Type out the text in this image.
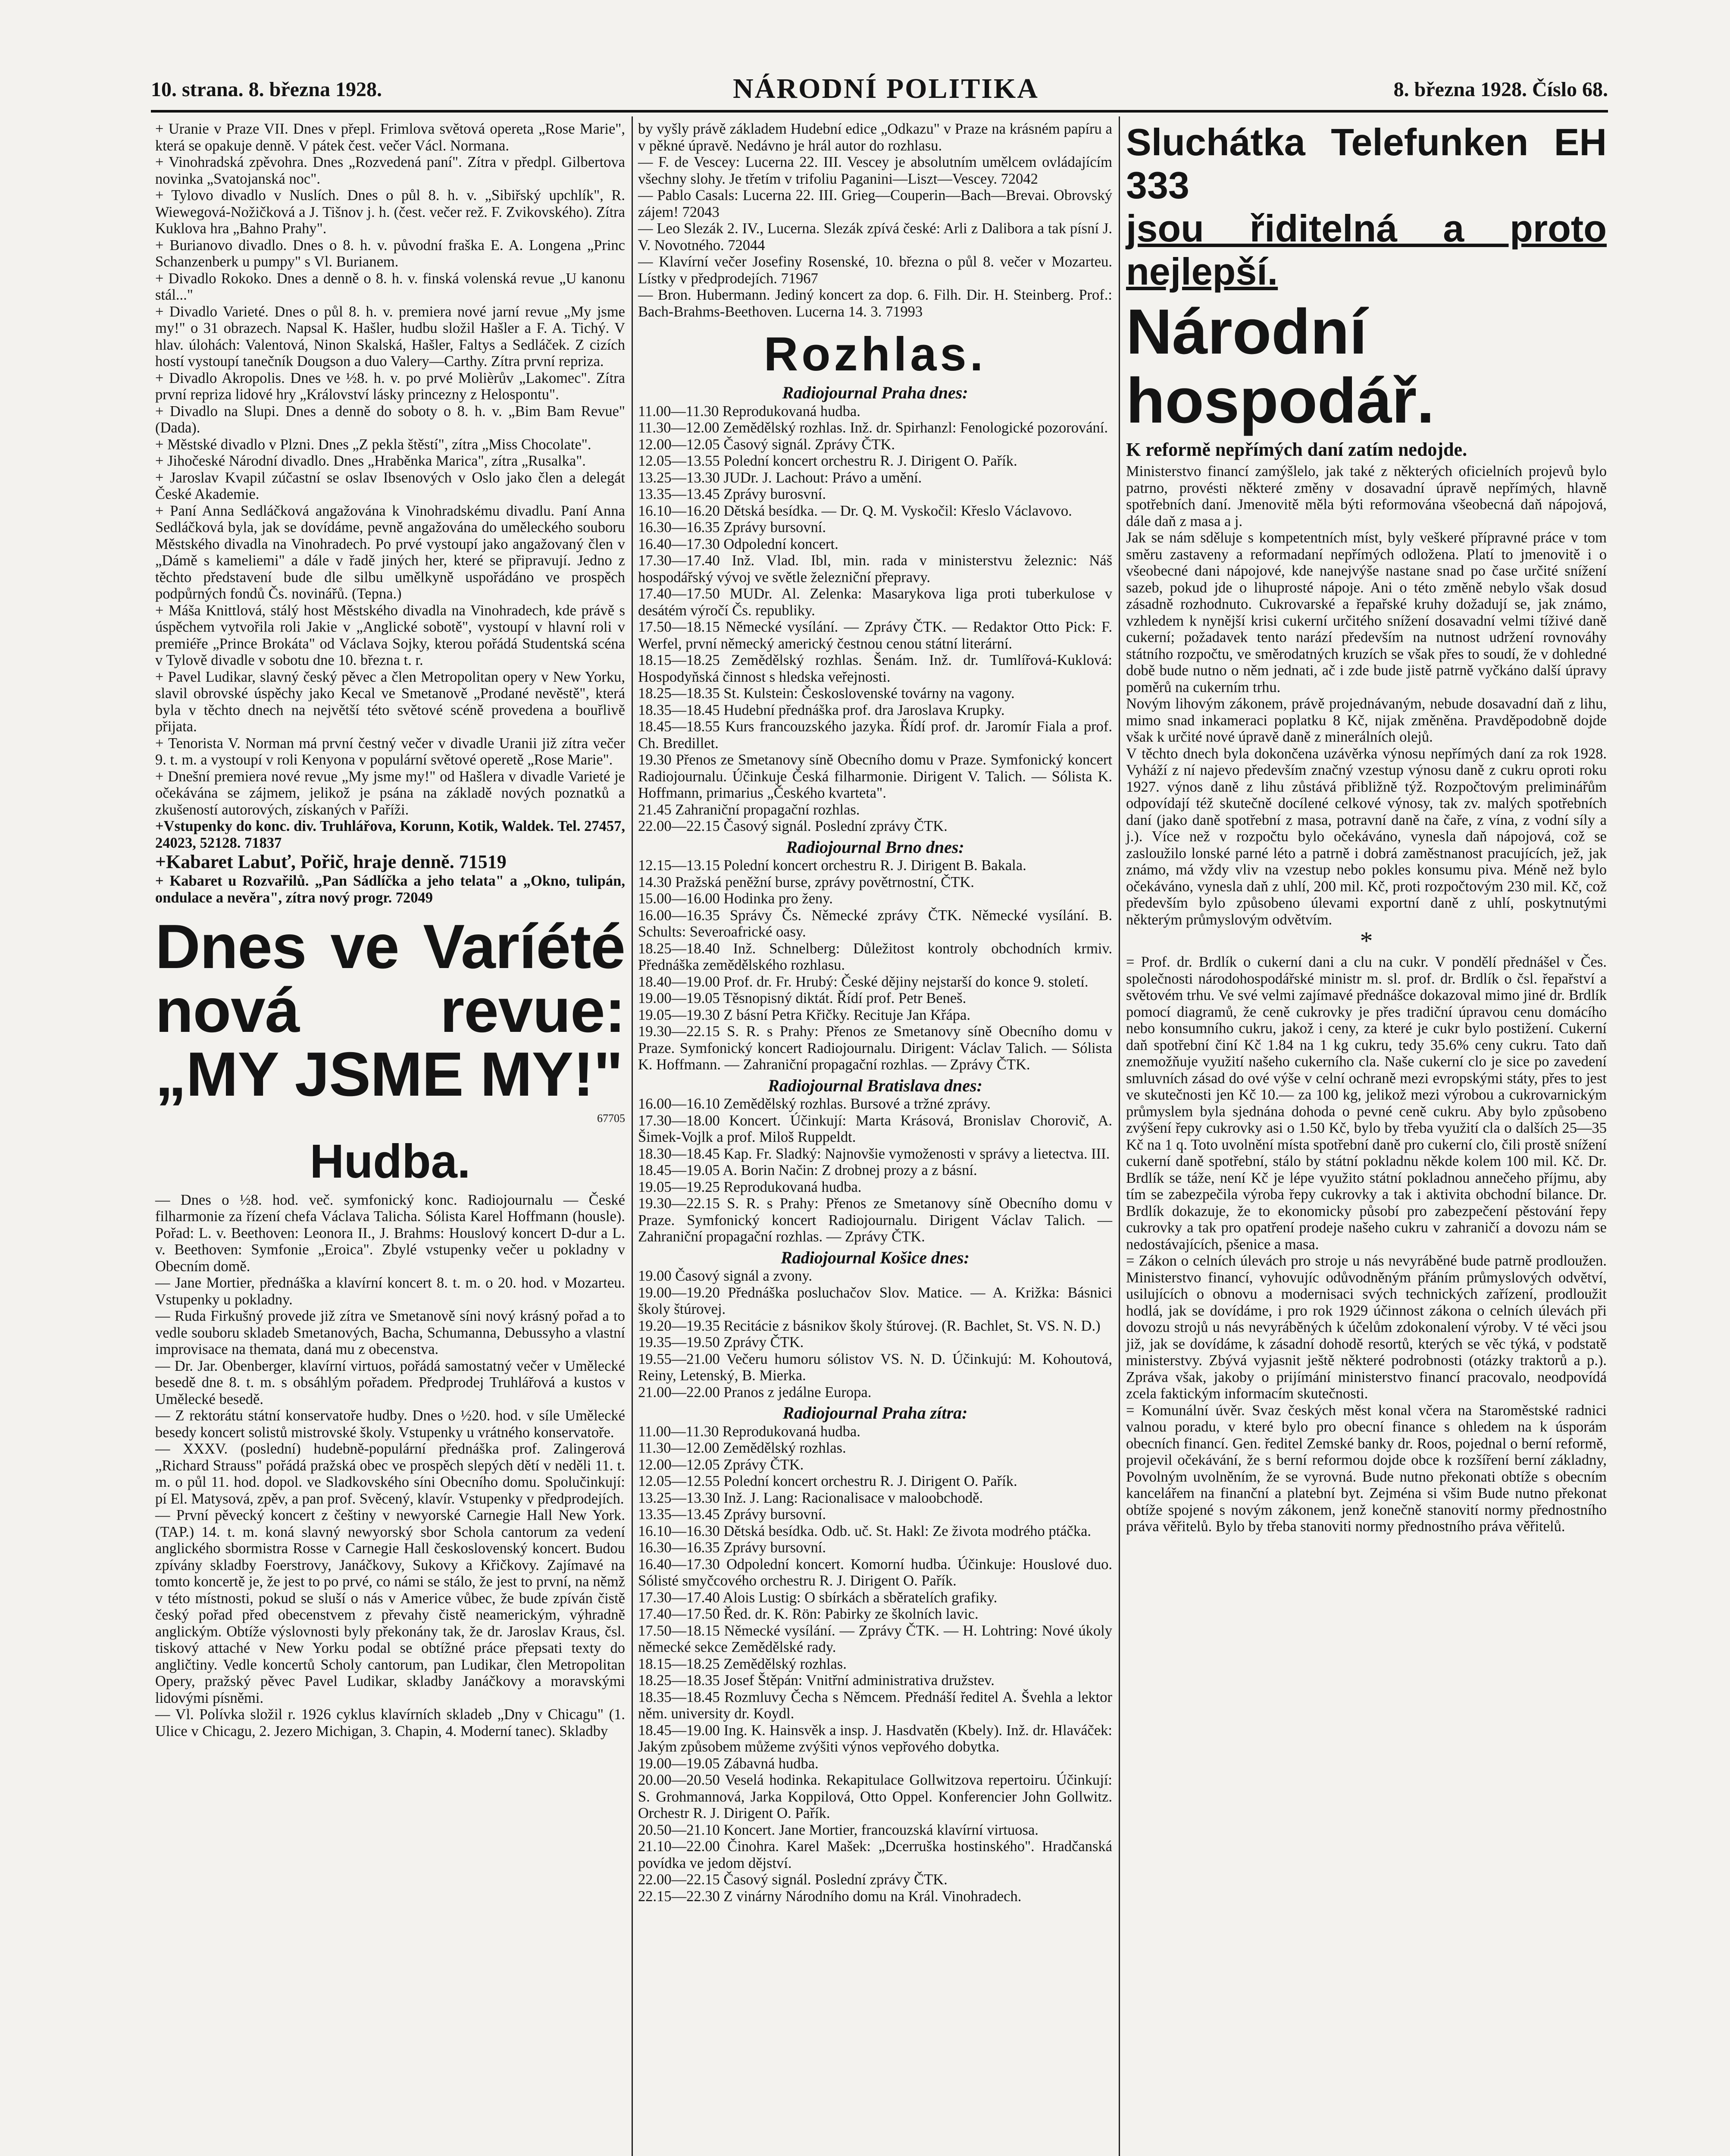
10. strana. 8. března 1928.	NÁRODNÍ POLITIKA	8. března 1928. Číslo 68.

+ Uranie v Praze VII. Dnes v přepl. Frimlova světová opereta „Rose Marie", která se opakuje denně. V pátek čest. večer Václ. Normana.

+ Vinohradská zpěvohra. Dnes „Rozvedená paní". Zítra v předpl. Gilbertova novinka „Svatojanská noc".

+ Tylovo divadlo v Nuslích. Dnes o půl 8. h. v. „Sibiřský upchlík", R. Wiewegová-Nožičková a J. Tišnov j. h. (čest. večer rež. F. Zvikovského). Zítra Kuklova hra „Bahno Prahy".

+ Burianovo divadlo. Dnes o 8. h. v. původní fraška E. A. Longena „Princ Schanzenberk u pumpy" s Vl. Burianem.

+ Divadlo Rokoko. Dnes a denně o 8. h. v. finská volenská revue „U kanonu stál..."

+ Divadlo Varieté. Dnes o půl 8. h. v. premiera nové jarní revue „My jsme my!" o 31 obrazech. Napsal K. Hašler, hudbu složil Hašler a F. A. Tichý. V hlav. úlohách: Valentová, Ninon Skalská, Hašler, Faltys a Sedláček. Z cizích hostí vystoupí tanečník Dougson a duo Valery—Carthy. Zítra první repriza.

+ Divadlo Akropolis. Dnes ve ½8. h. v. po prvé Molièrův „Lakomec". Zítra první repriza lidové hry „Království lásky princezny z Helospontu".

+ Divadlo na Slupi. Dnes a denně do soboty o 8. h. v. „Bim Bam Revue" (Dada).

+ Městské divadlo v Plzni. Dnes „Z pekla štěstí", zítra „Miss Chocolate".

+ Jihočeské Národní divadlo. Dnes „Hraběnka Marica", zítra „Rusalka".

+ Jaroslav Kvapil zúčastní se oslav Ibsenových v Oslo jako člen a delegát České Akademie.

+ Paní Anna Sedláčková angažována k Vinohradskému divadlu. Paní Anna Sedláčková byla, jak se dovídáme, pevně angažována do uměleckého souboru Městského divadla na Vinohradech. Po prvé vystoupí jako angažovaný člen v „Dámě s kameliemi" a dále v řadě jiných her, které se připravují. Jedno z těchto představení bude dle silbu umělkyně uspořádáno ve prospěch podpůrných fondů Čs. novinářů. (Tepna.)

+ Máša Knittlová, stálý host Městského divadla na Vinohradech, kde právě s úspěchem vytvořila roli Jakie v „Anglické sobotě", vystoupí v hlavní roli v premiéře „Prince Brokáta" od Václava Sojky, kterou pořádá Studentská scéna v Tylově divadle v sobotu dne 10. března t. r.

+ Pavel Ludikar, slavný český pěvec a člen Metropolitan opery v New Yorku, slavil obrovské úspěchy jako Kecal ve Smetanově „Prodané nevěstě", která byla v těchto dnech na největší této světové scéně provedena a bouřlivě přijata.

+ Tenorista V. Norman má první čestný večer v divadle Uranii již zítra večer 9. t. m. a vystoupí v roli Kenyona v populární světové operetě „Rose Marie".

+ Dnešní premiera nové revue „My jsme my!" od Hašlera v divadle Varieté je očekávána se zájmem, jelikož je psána na základě nových poznatků a zkušeností autorových, získaných v Paříži.

+Vstupenky do konc. div. Truhlářova, Korunn, Kotik, Waldek. Tel. 27457, 24023, 52128. 71837

+Kabaret Labuť, Pořič, hraje denně. 71519

+ Kabaret u Rozvařilů. „Pan Sádlíčka a jeho telata" a „Okno, tulipán, ondulace a nevěra", zítra nový progr. 72049

Dnes ve Varíété nová revue: „MY JSME MY!"
67705
Hudba.

— Dnes o ½8. hod. več. symfonický konc. Radiojournalu — České filharmonie za řízení chefa Václava Talicha. Sólista Karel Hoffmann (housle). Pořad: L. v. Beethoven: Leonora II., J. Brahms: Houslový koncert D-dur a L. v. Beethoven: Symfonie „Eroica". Zbylé vstupenky večer u pokladny v Obecním domě.

— Jane Mortier, přednáška a klavírní koncert 8. t. m. o 20. hod. v Mozarteu. Vstupenky u pokladny.

— Ruda Firkušný provede již zítra ve Smetanově síni nový krásný pořad a to vedle souboru skladeb Smetanových, Bacha, Schumanna, Debussyho a vlastní improvisace na themata, daná mu z obecenstva.

— Dr. Jar. Obenberger, klavírní virtuos, pořádá samostatný večer v Umělecké besedě dne 8. t. m. s obsáhlým pořadem. Předprodej Truhlářová a kustos v Umělecké besedě.

— Z rektorátu státní konservatoře hudby. Dnes o ½20. hod. v síle Umělecké besedy koncert solistů mistrovské školy. Vstupenky u vrátného konservatoře.

— XXXV. (poslední) hudebně-populární přednáška prof. Zalingerová „Richard Strauss" pořádá pražská obec ve prospěch slepých dětí v neděli 11. t. m. o půl 11. hod. dopol. ve Sladkovského síni Obecního domu. Spolučinkují: pí El. Matysová, zpěv, a pan prof. Svěcený, klavír. Vstupenky v předprodejích.

— První pěvecký koncert z češtiny v newyorské Carnegie Hall New York. (TAP.) 14. t. m. koná slavný newyorský sbor Schola cantorum za vedení anglického sbormistra Rosse v Carnegie Hall československý koncert. Budou zpívány skladby Foerstrovy, Janáčkovy, Sukovy a Křičkovy. Zajímavé na tomto koncertě je, že jest to po prvé, co námi se stálo, že jest to první, na němž v této místnosti, pokud se sluší o nás v Americe vůbec, že bude zpíván čistě český pořad před obecenstvem z převahy čistě neamerickým, výhradně anglickým. Obtíže výslovnosti byly překonány tak, že dr. Jaroslav Kraus, čsl. tiskový attaché v New Yorku podal se obtížné práce přepsati texty do angličtiny. Vedle koncertů Scholy cantorum, pan Ludikar, člen Metropolitan Opery, pražský pěvec Pavel Ludikar, skladby Janáčkovy a moravskými lidovými písněmi.

— Vl. Polívka složil r. 1926 cyklus klavírních skladeb „Dny v Chicagu" (1. Ulice v Chicagu, 2. Jezero Michigan, 3. Chapin, 4. Moderní tanec). Skladby

by vyšly právě základem Hudební edice „Odkazu" v Praze na krásném papíru a v pěkné úpravě. Nedávno je hrál autor do rozhlasu.

— F. de Vescey: Lucerna 22. III. Vescey je absolutním umělcem ovládajícím všechny slohy. Je třetím v trifoliu Paganini—Liszt—Vescey. 72042

— Pablo Casals: Lucerna 22. III. Grieg—Couperin—Bach—Brevai. Obrovský zájem! 72043

— Leo Slezák 2. IV., Lucerna. Slezák zpívá české: Arli z Dalibora a tak písní J. V. Novotného. 72044

— Klavírní večer Josefiny Rosenské, 10. března o půl 8. večer v Mozarteu. Lístky v předprodejích. 71967

— Bron. Hubermann. Jediný koncert za dop. 6. Filh. Dir. H. Steinberg. Prof.: Bach-Brahms-Beethoven. Lucerna 14. 3. 71993

Rozhlas.
Radiojournal Praha dnes:

11.00—11.30 Reprodukovaná hudba.

11.30—12.00 Zemědělský rozhlas. Inž. dr. Spirhanzl: Fenologické pozorování.

12.00—12.05 Časový signál. Zprávy ČTK.

12.05—13.55 Polední koncert orchestru R. J. Dirigent O. Pařík.

13.25—13.30 JUDr. J. Lachout: Právo a umění.

13.35—13.45 Zprávy burosvní.

16.10—16.20 Dětská besídka. — Dr. Q. M. Vyskočil: Křeslo Václavovo.

16.30—16.35 Zprávy bursovní.

16.40—17.30 Odpolední koncert.

17.30—17.40 Inž. Vlad. Ibl, min. rada v ministerstvu železnic: Náš hospodářský vývoj ve světle železniční přepravy.

17.40—17.50 MUDr. Al. Zelenka: Masarykova liga proti tuberkulose v desátém výročí Čs. republiky.

17.50—18.15 Německé vysílání. — Zprávy ČTK. — Redaktor Otto Pick: F. Werfel, první německý americký čestnou cenou státní literární.

18.15—18.25 Zemědělský rozhlas. Šenám. Inž. dr. Tumlířová-Kuklová: Hospodyňská činnost s hledska veřejnosti.

18.25—18.35 St. Kulstein: Československé továrny na vagony.

18.35—18.45 Hudební přednáška prof. dra Jaroslava Krupky.

18.45—18.55 Kurs francouzského jazyka. Řídí prof. dr. Jaromír Fiala a prof. Ch. Bredillet.

19.30 Přenos ze Smetanovy síně Obecního domu v Praze. Symfonický koncert Radiojournalu. Účinkuje Česká filharmonie. Dirigent V. Talich. — Sólista K. Hoffmann, primarius „Českého kvarteta".

21.45 Zahraniční propagační rozhlas.

22.00—22.15 Časový signál. Poslední zprávy ČTK.

Radiojournal Brno dnes:

12.15—13.15 Polední koncert orchestru R. J. Dirigent B. Bakala.

14.30 Pražská peněžní burse, zprávy povětrnostní, ČTK.

15.00—16.00 Hodinka pro ženy.

16.00—16.35 Správy Čs. Německé zprávy ČTK. Německé vysílání. B. Schults: Severoafrické oasy.

18.25—18.40 Inž. Schnelberg: Důležitost kontroly obchodních krmiv. Přednáška zemědělského rozhlasu.

18.40—19.00 Prof. dr. Fr. Hrubý: České dějiny nejstarší do konce 9. století.

19.00—19.05 Těsnopisný diktát. Řídí prof. Petr Beneš.

19.05—19.30 Z básní Petra Křičky. Recituje Jan Křápa.

19.30—22.15 S. R. s Prahy: Přenos ze Smetanovy síně Obecního domu v Praze. Symfonický koncert Radiojournalu. Dirigent: Václav Talich. — Sólista K. Hoffmann. — Zahraniční propagační rozhlas. — Zprávy ČTK.

Radiojournal Bratislava dnes:

16.00—16.10 Zemědělský rozhlas. Bursové a tržné zprávy.

17.30—18.00 Koncert. Účinkují: Marta Krásová, Bronislav Chorovič, A. Šimek-Vojlk a prof. Miloš Ruppeldt.

18.30—18.45 Kap. Fr. Sladký: Najnovšie vymoženosti v správy a lietectva. III.

18.45—19.05 A. Borin Način: Z drobnej prozy a z básní.

19.05—19.25 Reprodukovaná hudba.

19.30—22.15 S. R. s Prahy: Přenos ze Smetanovy síně Obecního domu v Praze. Symfonický koncert Radiojournalu. Dirigent Václav Talich. — Zahraniční propagační rozhlas. — Zprávy ČTK.

Radiojournal Košice dnes:

19.00 Časový signál a zvony.

19.00—19.20 Přednáška posluchačov Slov. Matice. — A. Križka: Básnici školy štúrovej.

19.20—19.35 Recitácie z básnikov školy štúrovej. (R. Bachlet, St. VS. N. D.)

19.35—19.50 Zprávy ČTK.

19.55—21.00 Večeru humoru sólistov VS. N. D. Účinkujú: M. Kohoutová, Reiny, Letenský, B. Mierka.

21.00—22.00 Pranos z jedálne Europa.

Radiojournal Praha zítra:

11.00—11.30 Reprodukovaná hudba.

11.30—12.00 Zemědělský rozhlas.

12.00—12.05 Zprávy ČTK.

12.05—12.55 Polední koncert orchestru R. J. Dirigent O. Pařík.

13.25—13.30 Inž. J. Lang: Racionalisace v maloobchodě.

13.35—13.45 Zprávy bursovní.

16.10—16.30 Dětská besídka. Odb. uč. St. Hakl: Ze života modrého ptáčka.

16.30—16.35 Zprávy bursovní.

16.40—17.30 Odpolední koncert. Komorní hudba. Účinkuje: Houslové duo. Sólisté smyčcového orchestru R. J. Dirigent O. Pařík.

17.30—17.40 Alois Lustig: O sbírkách a sběratelích grafiky.

17.40—17.50 Řed. dr. K. Rön: Pabirky ze školních lavic.

17.50—18.15 Německé vysílání. — Zprávy ČTK. — H. Lohtring: Nové úkoly německé sekce Zemědělské rady.

18.15—18.25 Zemědělský rozhlas.

18.25—18.35 Josef Štěpán: Vnitřní administrativa družstev.

18.35—18.45 Rozmluvy Čecha s Němcem. Přednáší ředitel A. Švehla a lektor něm. university dr. Koydl.

18.45—19.00 Ing. K. Hainsvěk a insp. J. Hasdvatěn (Kbely). Inž. dr. Hlaváček: Jakým způsobem můžeme zvýšiti výnos vepřového dobytka.

19.00—19.05 Zábavná hudba.

20.00—20.50 Veselá hodinka. Rekapitulace Gollwitzova repertoiru. Účinkují: S. Grohmannová, Jarka Koppilová, Otto Oppel. Konferencier John Gollwitz. Orchestr R. J. Dirigent O. Pařík.

20.50—21.10 Koncert. Jane Mortier, francouzská klavírní virtuosa.

21.10—22.00 Činohra. Karel Mašek: „Dcerruška hostinského". Hradčanská povídka ve jedom dějství.

22.00—22.15 Časový signál. Poslední zprávy ČTK.

22.15—22.30 Z vinárny Národního domu na Král. Vinohradech.

Sluchátka Telefunken EH 333
jsou řiditelná a proto nejlepší.
Národní hospodář.
K reformě nepřímých daní zatím nedojde.

Ministerstvo financí zamýšlelo, jak také z některých oficielních projevů bylo patrno, provésti některé změny v dosavadní úpravě nepřímých, hlavně spotřebních daní. Jmenovitě měla býti reformována všeobecná daň nápojová, dále daň z masa a j.

Jak se nám sděluje s kompetentních míst, byly veškeré přípravné práce v tom směru zastaveny a reformadaní nepřímých odložena. Platí to jmenovitě i o všeobecné dani nápojové, kde nanejvýše nastane snad po čase určité snížení sazeb, pokud jde o lihuprosté nápoje. Ani o této změně nebylo však dosud zásadně rozhodnuto. Cukrovarské a řepařské kruhy dožadují se, jak známo, vzhledem k nynější krisi cukerní určitého snížení dosavadní velmi tíživé daně cukerní; požadavek tento narází především na nutnost udržení rovnováhy státního rozpočtu, ve směrodatných kruzích se však přes to soudí, že v dohledné době bude nutno o něm jednati, ač i zde bude jistě patrně vyčkáno další úpravy poměrů na cukerním trhu.

Novým lihovým zákonem, právě projednávaným, nebude dosavadní daň z lihu, mimo snad inkameraci poplatku 8 Kč, nijak změněna. Pravděpodobně dojde však k určité nové úpravě daně z minerálních olejů.

V těchto dnech byla dokončena uzávěrka výnosu nepřímých daní za rok 1928. Vyháží z ní najevo především značný vzestup výnosu daně z cukru oproti roku 1927. výnos daně z lihu zůstává přibližně týž. Rozpočtovým preliminářům odpovídají též skutečně docílené celkové výnosy, tak zv. malých spotřebních daní (jako daně spotřební z masa, potravní daně na čaře, z vína, z vodní síly a j.). Více než v rozpočtu bylo očekáváno, vynesla daň nápojová, což se zasloužilo lonské parné léto a patrně i dobrá zaměstnanost pracujících, jež, jak známo, má vždy vliv na vzestup nebo pokles konsumu piva. Méně než bylo očekáváno, vynesla daň z uhlí, 200 mil. Kč, proti rozpočtovým 230 mil. Kč, což především bylo způsobeno úlevami exportní daně z uhlí, poskytnutými některým průmyslovým odvětvím.

*

= Prof. dr. Brdlík o cukerní dani a clu na cukr. V pondělí přednášel v Čes. společnosti národohospodářské ministr m. sl. prof. dr. Brdlík o čsl. řepařství a světovém trhu. Ve své velmi zajímavé přednášce dokazoval mimo jiné dr. Brdlík pomocí diagramů, že ceně cukrovky je přes tradiční úpravou cenu domácího nebo konsumního cukru, jakož i ceny, za které je cukr bylo postižení. Cukerní daň spotřební činí Kč 1.84 na 1 kg cukru, tedy 35.6% ceny cukru. Tato daň znemožňuje využití našeho cukerního cla. Naše cukerní clo je sice po zavedení smluvních zásad do ové výše v celní ochraně mezi evropskými státy, přes to jest ve skutečnosti jen Kč 10.— za 100 kg, jelikož mezi výrobou a cukrovarnickým průmyslem byla sjednána dohoda o pevné ceně cukru. Aby bylo způsobeno zvýšení řepy cukrovky asi o 1.50 Kč, bylo by třeba využití cla o dalších 25—35 Kč na 1 q. Toto uvolnění místa spotřební daně pro cukerní clo, čili prostě snížení cukerní daně spotřební, stálo by státní pokladnu někde kolem 100 mil. Kč. Dr. Brdlík se táže, není Kč je lépe využito státní pokladnou annečeho příjmu, aby tím se zabezpečila výroba řepy cukrovky a tak i aktivita obchodní bilance. Dr. Brdlík dokazuje, že to ekonomicky působí pro zabezpečení pěstování řepy cukrovky a tak pro opatření prodeje našeho cukru v zahraničí a dovozu nám se nedostávajících, pšenice a masa.

= Zákon o celních úlevách pro stroje u nás nevyráběné bude patrně prodloužen. Ministerstvo financí, vyhovujíc odůvodněným přáním průmyslových odvětví, usilujících o obnovu a modernisaci svých technických zařízení, prodloužit hodlá, jak se dovídáme, i pro rok 1929 účinnost zákona o celních úlevách při dovozu strojů u nás nevyráběných k účelům zdokonalení výroby. V té věci jsou již, jak se dovídáme, k zásadní dohodě resortů, kterých se věc týká, v podstatě ministerstvy. Zbývá vyjasnit ještě některé podrobnosti (otázky traktorů a p.). Zpráva však, jakoby o prijímání ministerstvo financí pracovalo, neodpovídá zcela faktickým informacím skutečnosti.

= Komunální úvěr. Svaz českých měst konal včera na Staroměstské radnici valnou poradu, v které bylo pro obecní finance s ohledem na k úsporám obecních financí. Gen. ředitel Zemské banky dr. Roos, pojednal o berní reformě, projevil očekávání, že s berní reformou dojde obce k rozšíření berní základny, Povolným uvolněním, že se vyrovná. Bude nutno překonati obtíže s obecním kancelářem na finanční a platební byt. Zejména si všim Bude nutno překonat obtíže spojené s novým zákonem, jenž konečně stanovití normy přednostního práva věřitelů. Bylo by třeba stanoviti normy přednostního práva věřitelů.
